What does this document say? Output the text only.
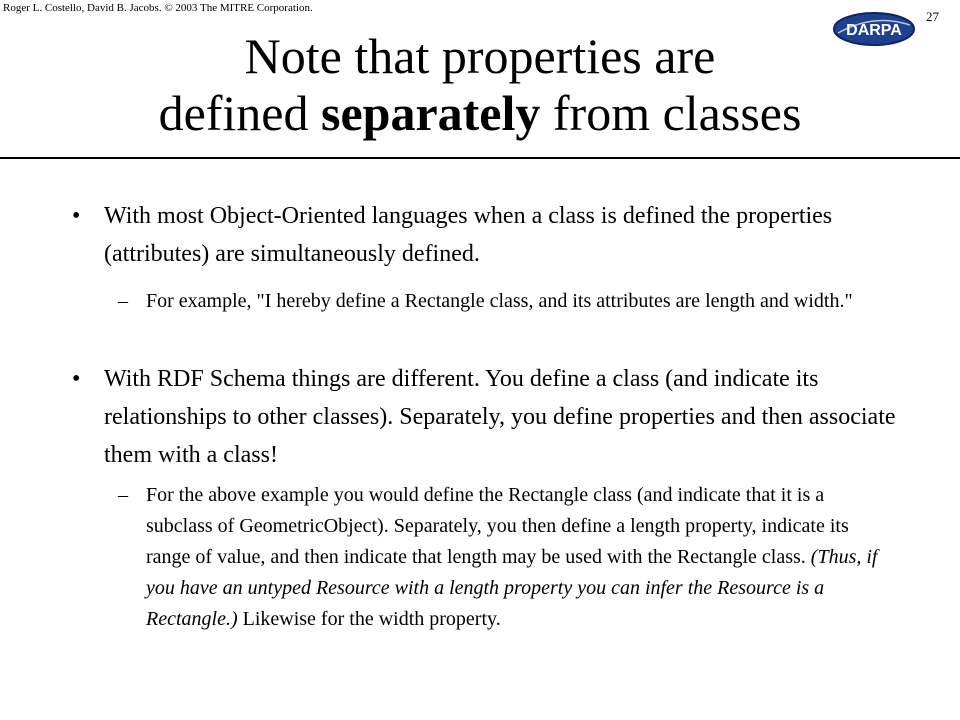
Roger L. Costello, David B. Jacobs. © 2003 The MITRE Corporation.
27
DARPA
Note that properties are
defined separately from classes
• With most Object-Oriented languages when a class is defined the properties (attributes) are simultaneously defined.
– For example, "I hereby define a Rectangle class, and its attributes are length and width."
• With RDF Schema things are different. You define a class (and indicate its relationships to other classes). Separately, you define properties and then associate them with a class!
– For the above example you would define the Rectangle class (and indicate that it is a subclass of GeometricObject). Separately, you then define a length property, indicate its range of value, and then indicate that length may be used with the Rectangle class. (Thus, if you have an untyped Resource with a length property you can infer the Resource is a Rectangle.) Likewise for the width property.
